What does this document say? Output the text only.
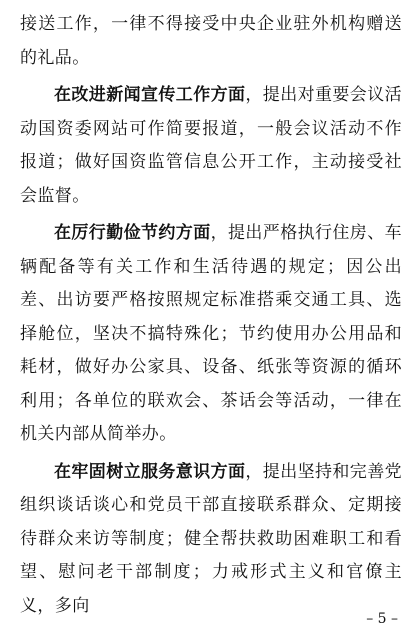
接送工作，一律不得接受中央企业驻外机构赠送的礼品。

在改进新闻宣传工作方面，提出对重要会议活动国资委网站可作简要报道，一般会议活动不作报道；做好国资监管信息公开工作，主动接受社会监督。

在厉行勤俭节约方面，提出严格执行住房、车辆配备等有关工作和生活待遇的规定；因公出差、出访要严格按照规定标准搭乘交通工具、选择舱位，坚决不搞特殊化；节约使用办公用品和耗材，做好办公家具、设备、纸张等资源的循环利用；各单位的联欢会、茶话会等活动，一律在机关内部从简举办。

在牢固树立服务意识方面，提出坚持和完善党组织谈话谈心和党员干部直接联系群众、定期接待群众来访等制度；健全帮扶救助困难职工和看望、慰问老干部制度；力戒形式主义和官僚主义，多向

– 5 –
